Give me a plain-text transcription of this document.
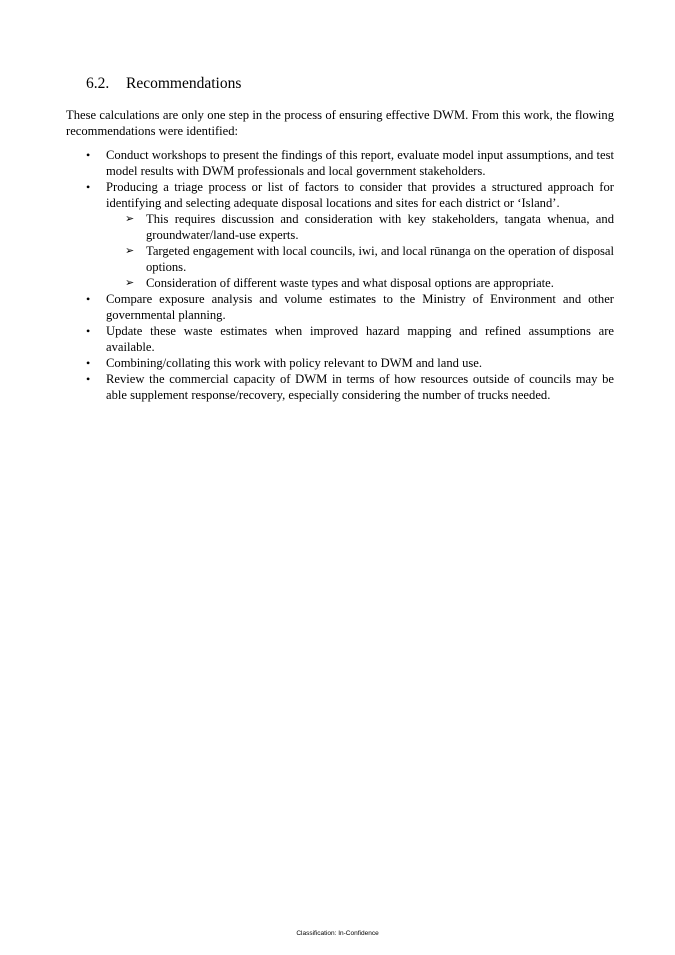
6.2. Recommendations

These calculations are only one step in the process of ensuring effective DWM. From this work, the flowing recommendations were identified:

• Conduct workshops to present the findings of this report, evaluate model input assumptions, and test model results with DWM professionals and local government stakeholders.
• Producing a triage process or list of factors to consider that provides a structured approach for identifying and selecting adequate disposal locations and sites for each district or ‘Island’.
➢ This requires discussion and consideration with key stakeholders, tangata whenua, and groundwater/land-use experts.
➢ Targeted engagement with local councils, iwi, and local rūnanga on the operation of disposal options.
➢ Consideration of different waste types and what disposal options are appropriate.
• Compare exposure analysis and volume estimates to the Ministry of Environment and other governmental planning.
• Update these waste estimates when improved hazard mapping and refined assumptions are available.
• Combining/collating this work with policy relevant to DWM and land use.
• Review the commercial capacity of DWM in terms of how resources outside of councils may be able supplement response/recovery, especially considering the number of trucks needed.
Classification: In-Confidence
